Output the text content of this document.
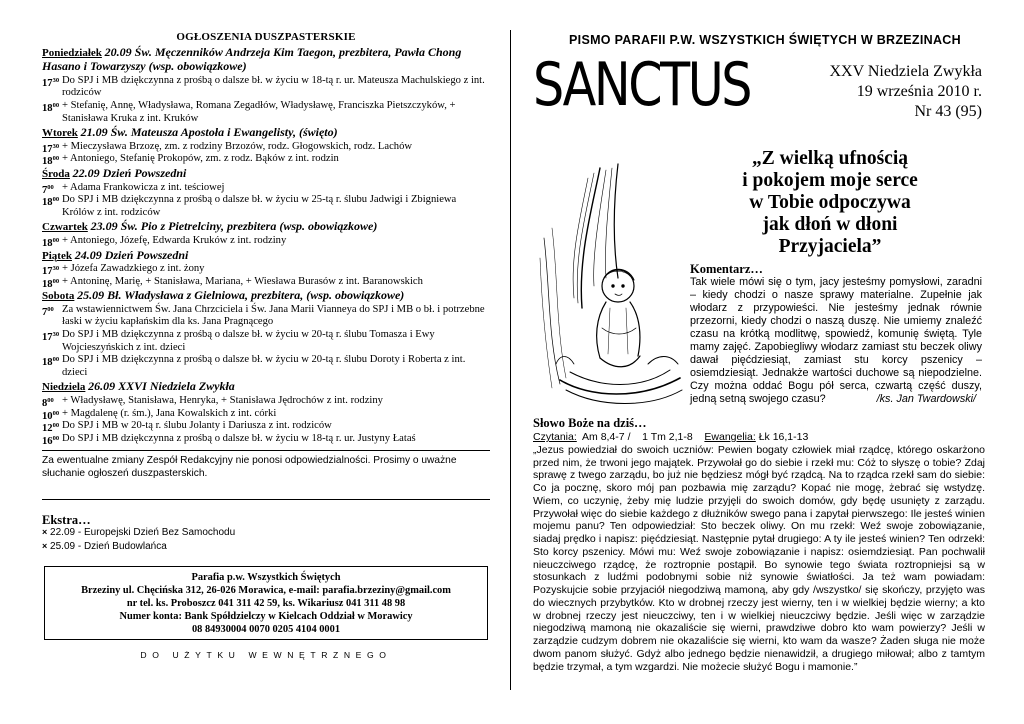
OGŁOSZENIA DUSZPASTERSKIE
Poniedziałek 20.09 Św. Męczenników Andrzeja Kim Taegon, prezbitera, Pawła Chong Hasano i Towarzyszy (wsp. obowiązkowe)
$17^{30}$ Do SPJ i MB dziękczynna z prośbą o dalsze bł. w życiu w 18-tą r. ur. Mateusza Machulskiego z int. rodziców
$18^{00}$ + Stefanię, Annę, Władysława, Romana Zegadłów, Władysławę, Franciszka Pietszczyków, + Stanisława Kruka z int. Kruków
Wtorek 21.09 Św. Mateusza Apostoła i Ewangelisty, (święto)
$17^{30}$ + Mieczysława Brzozę, zm. z rodziny Brzozów, rodz. Głogowskich, rodz. Lachów
$18^{00}$ + Antoniego, Stefanię Prokopów, zm. z rodz. Bąków z int. rodzin
Środa 22.09 Dzień Powszedni
$7^{00}$ + Adama Frankowicza z int. teściowej
$18^{00}$ Do SPJ i MB dziękczynna z prośbą o dalsze bł. w życiu w 25-tą r. ślubu Jadwigi i Zbigniewa Królów z int. rodziców
Czwartek 23.09 Św. Pio z Pietrelciny, prezbitera (wsp. obowiązkowe)
$18^{00}$ + Antoniego, Józefę, Edwarda Kruków z int. rodziny
Piątek 24.09 Dzień Powszedni
$17^{30}$ + Józefa Zawadzkiego z int. żony
$18^{00}$ + Antoninę, Marię, + Stanisława, Mariana, + Wiesława Burasów z int. Baranowskich
Sobota 25.09 Bł. Władysława z Gielniowa, prezbitera, (wsp. obowiązkowe)
$7^{00}$ Za wstawiennictwem Św. Jana Chrzciciela i Św. Jana Marii Vianneya do SPJ i MB o bł. i potrzebne łaski w życiu kapłańskim dla ks. Jana Pragnącego
$17^{30}$ Do SPJ i MB dziękczynna z prośbą o dalsze bł. w życiu w 20-tą r. ślubu Tomasza i Ewy Wojcieszyńskich z int. dzieci
$18^{00}$ Do SPJ i MB dziękczynna z prośbą o dalsze bł. w życiu w 20-tą r. ślubu Doroty i Roberta z int. dzieci
Niedziela 26.09 XXVI Niedziela Zwykła
$8^{00}$ + Władysławę, Stanisława, Henryka, + Stanisława Jędrochów z int. rodziny
$10^{00}$ + Magdalenę (r. śm.), Jana Kowalskich z int. córki
$12^{00}$ Do SPJ i MB w 20-tą r. ślubu Jolanty i Dariusza z int. rodziców
$16^{00}$ Do SPJ i MB dziękczynna z prośbą o dalsze bł. w życiu w 18-tą r. ur. Justyny Łataś
Za ewentualne zmiany Zespół Redakcyjny nie ponosi odpowiedzialności. Prosimy o uważne słuchanie ogłoszeń duszpasterskich.
Ekstra…
× 22.09 - Europejski Dzień Bez Samochodu
× 25.09 - Dzień Budowlańca
Parafia p.w. Wszystkich Świętych
Brzeziny ul. Chęcińska 312, 26-026 Morawica, e-mail: parafia.brzeziny@gmail.com
nr tel. ks. Proboszcz 041 311 42 59, ks. Wikariusz 041 311 48 98
Numer konta: Bank Spółdzielczy w Kielcach Oddział w Morawicy
08 84930004 0070 0205 4104 0001
DO UŻYTKU WEWNĘTRZNEGO
PISMO PARAFII P.W. WSZYSTKICH ŚWIĘTYCH W BRZEZINACH
SANCTUS	XXV Niedziela Zwykła
19 września 2010 r.
Nr 43 (95)
„Z wielką ufnością
i pokojem moje serce
w Tobie odpoczywa
jak dłoń w dłoni
Przyjaciela”
Komentarz…
Tak wiele mówi się o tym, jacy jesteśmy pomysłowi, zaradni – kiedy chodzi o nasze sprawy materialne. Zupełnie jak włodarz z przypowieści. Nie jesteśmy jednak równie przezorni, kiedy chodzi o naszą duszę. Nie umiemy znaleźć czasu na krótką modlitwę, spowiedź, komunię świętą. Tyle mamy zajęć. Zapobiegliwy włodarz zamiast stu beczek oliwy dawał pięćdziesiąt, zamiast stu korcy pszenicy – osiemdziesiąt. Jednakże wartości duchowe są niepodzielne. Czy można oddać Bogu pół serca, czwartą część duszy, jedną setną swojego czasu?	/ks. Jan Twardowski/
Słowo Boże na dziś…
Czytania: Am 8,4-7 / 1 Tm 2,1-8 Ewangelia: Łk 16,1-13
„Jezus powiedział do swoich uczniów: Pewien bogaty człowiek miał rządcę, którego oskarżono przed nim, że trwoni jego majątek. Przywołał go do siebie i rzekł mu: Cóż to słyszę o tobie? Zdaj sprawę z twego zarządu, bo już nie będziesz mógł być rządcą. Na to rządca rzekł sam do siebie: Co ja pocznę, skoro mój pan pozbawia mię zarządu? Kopać nie mogę, żebrać się wstydzę. Wiem, co uczynię, żeby mię ludzie przyjęli do swoich domów, gdy będę usunięty z zarządu. Przywołał więc do siebie każdego z dłużników swego pana i zapytał pierwszego: Ile jesteś winien mojemu panu? Ten odpowiedział: Sto beczek oliwy. On mu rzekł: Weź swoje zobowiązanie, siadaj prędko i napisz: pięćdziesiąt. Następnie pytał drugiego: A ty ile jesteś winien? Ten odrzekł: Sto korcy pszenicy. Mówi mu: Weź swoje zobowiązanie i napisz: osiemdziesiąt. Pan pochwalił nieuczciwego rządcę, że roztropnie postąpił. Bo synowie tego świata roztropniejsi są w stosunkach z ludźmi podobnymi sobie niż synowie światłości. Ja też wam powiadam: Pozyskujcie sobie przyjaciół niegodziwą mamoną, aby gdy /wszystko/ się skończy, przyjęto was do wiecznych przybytków. Kto w drobnej rzeczy jest wierny, ten i w wielkiej będzie wierny; a kto w drobnej rzeczy jest nieuczciwy, ten i w wielkiej nieuczciwy będzie. Jeśli więc w zarządzie niegodziwą mamoną nie okazaliście się wierni, prawdziwe dobro kto wam powierzy? Jeśli w zarządzie cudzym dobrem nie okazaliście się wierni, kto wam da wasze? Żaden sługa nie może dwom panom służyć. Gdyż albo jednego będzie nienawidził, a drugiego miłował; albo z tamtym będzie trzymał, a tym wzgardzi. Nie możecie służyć Bogu i mamonie.”
